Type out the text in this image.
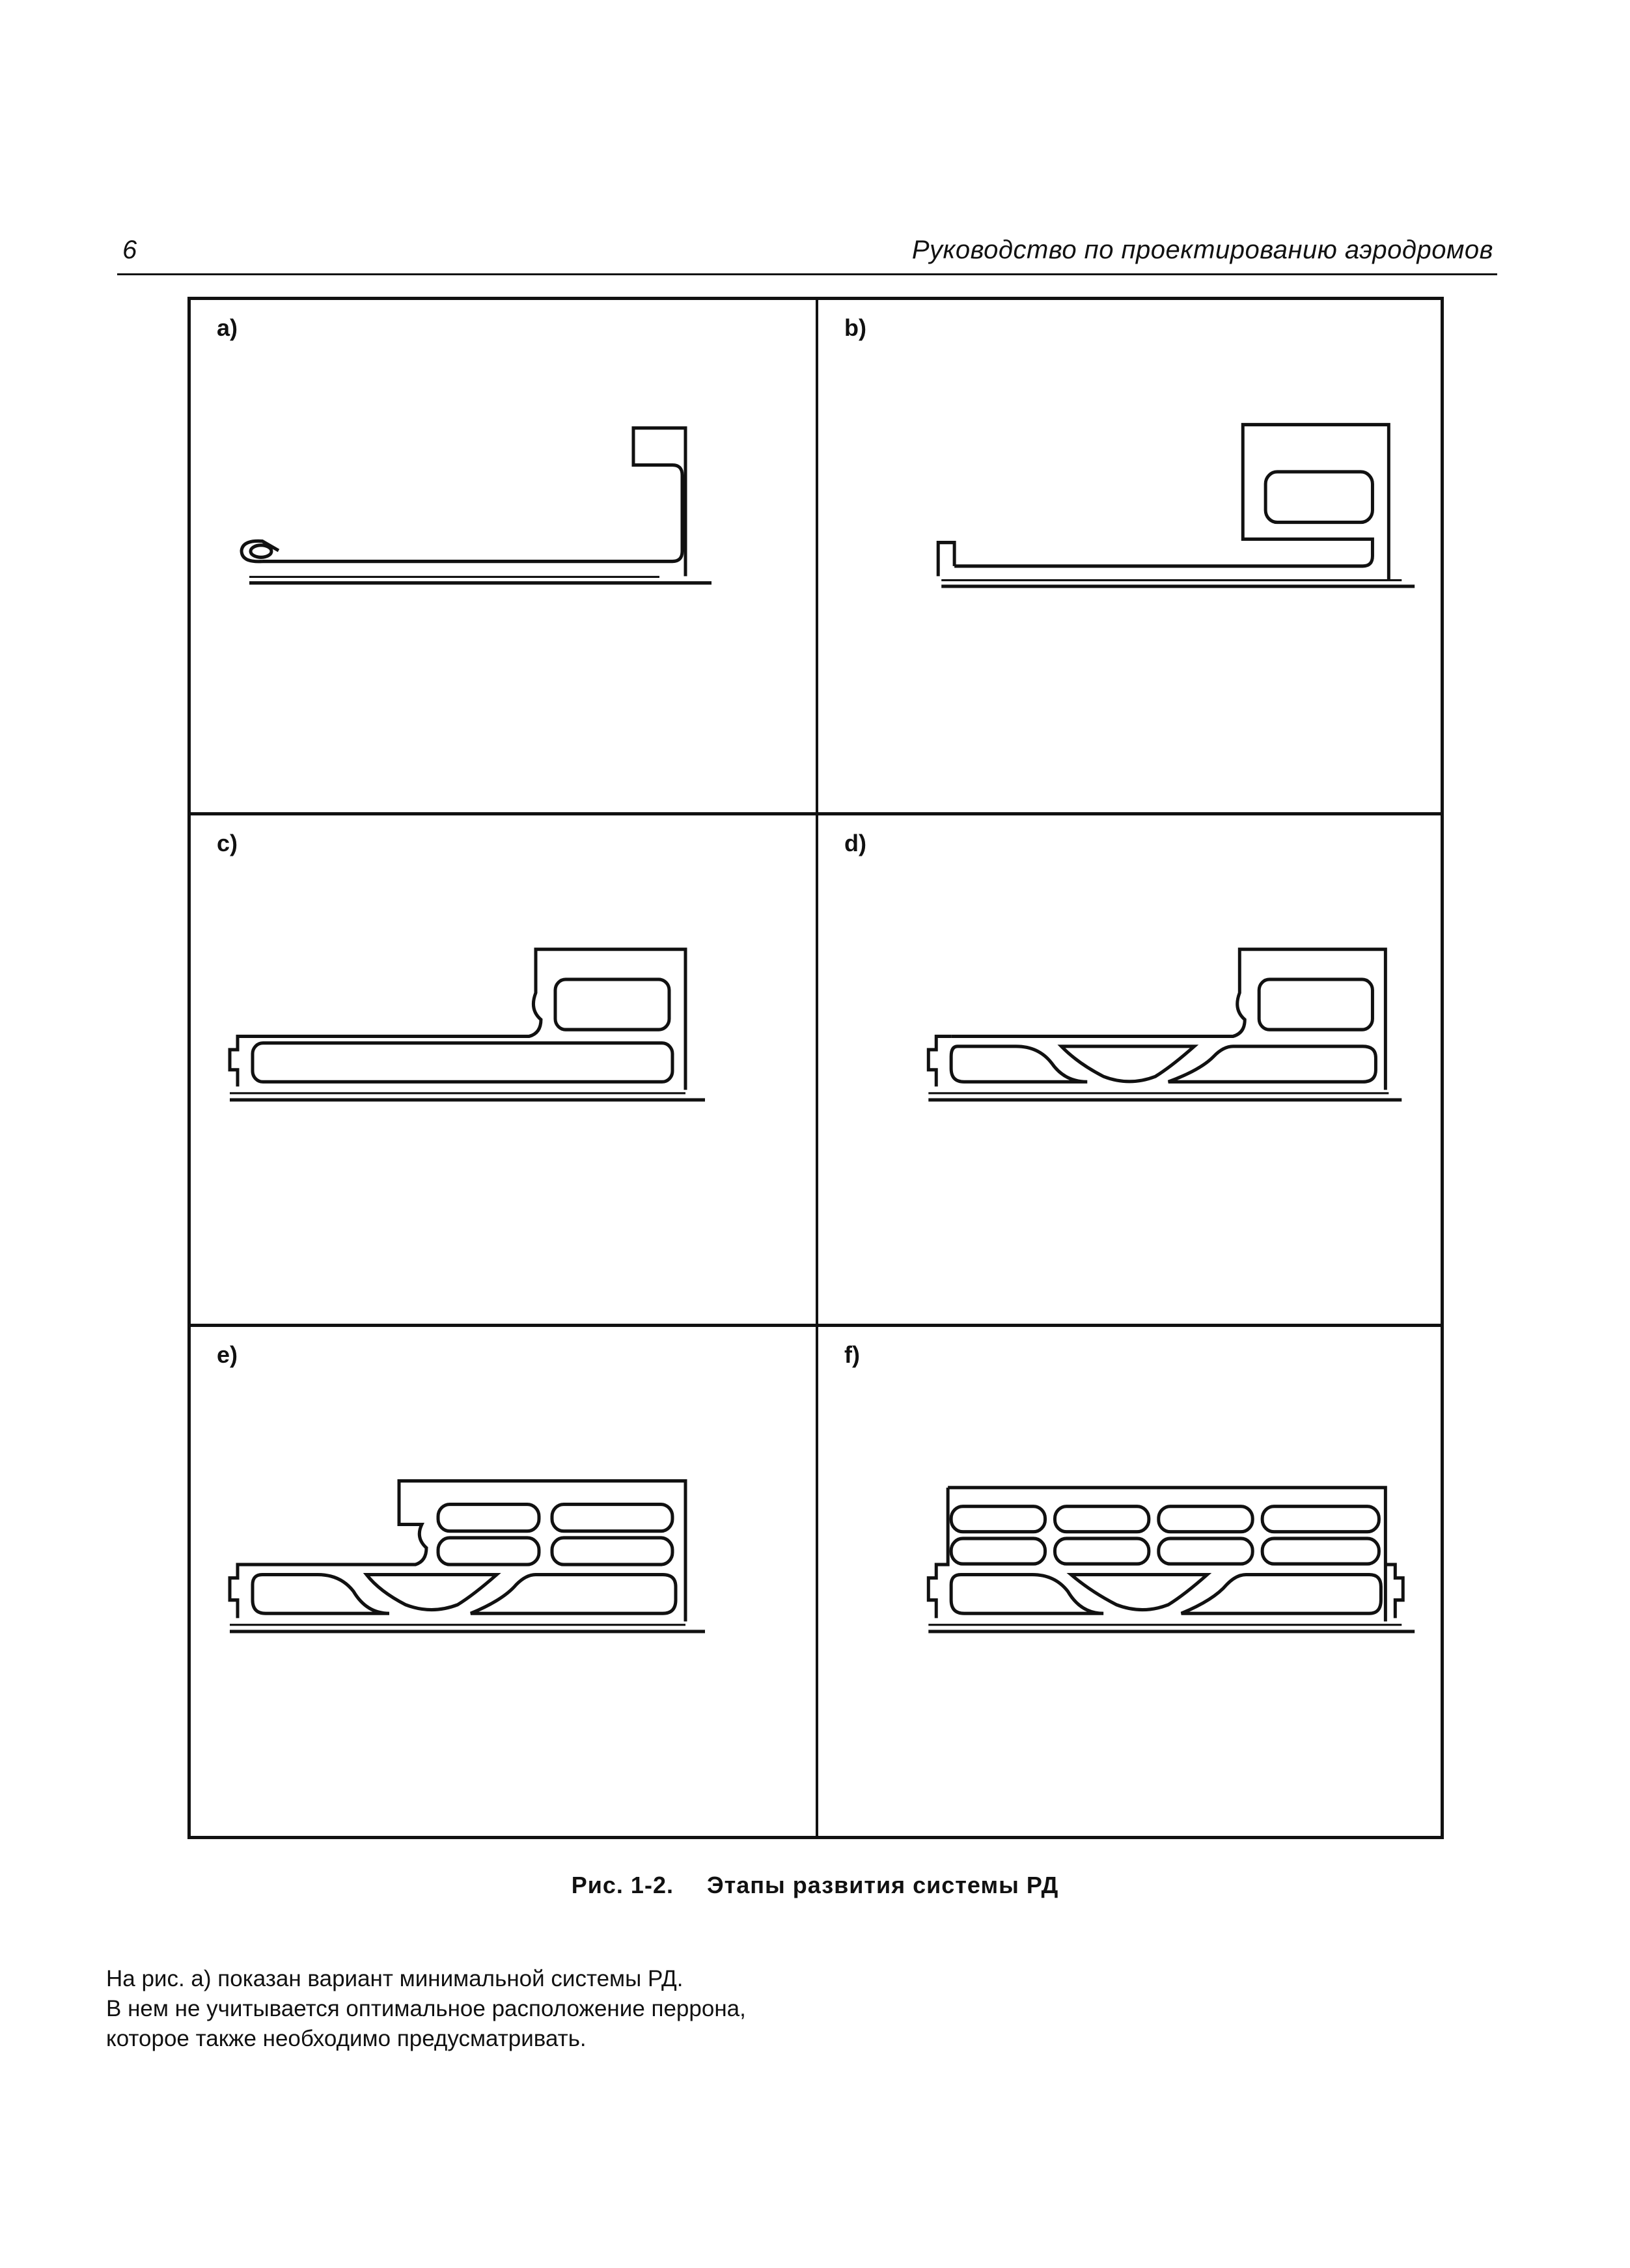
6	Руководство по проектированию аэродромов
a)	b)
c)	d)
e)	f)
Рис. 1-2. Этапы развития системы РД
На рис. а) показан вариант минимальной системы РД.
В нем не учитывается оптимальное расположение перрона,
которое также необходимо предусматривать.
